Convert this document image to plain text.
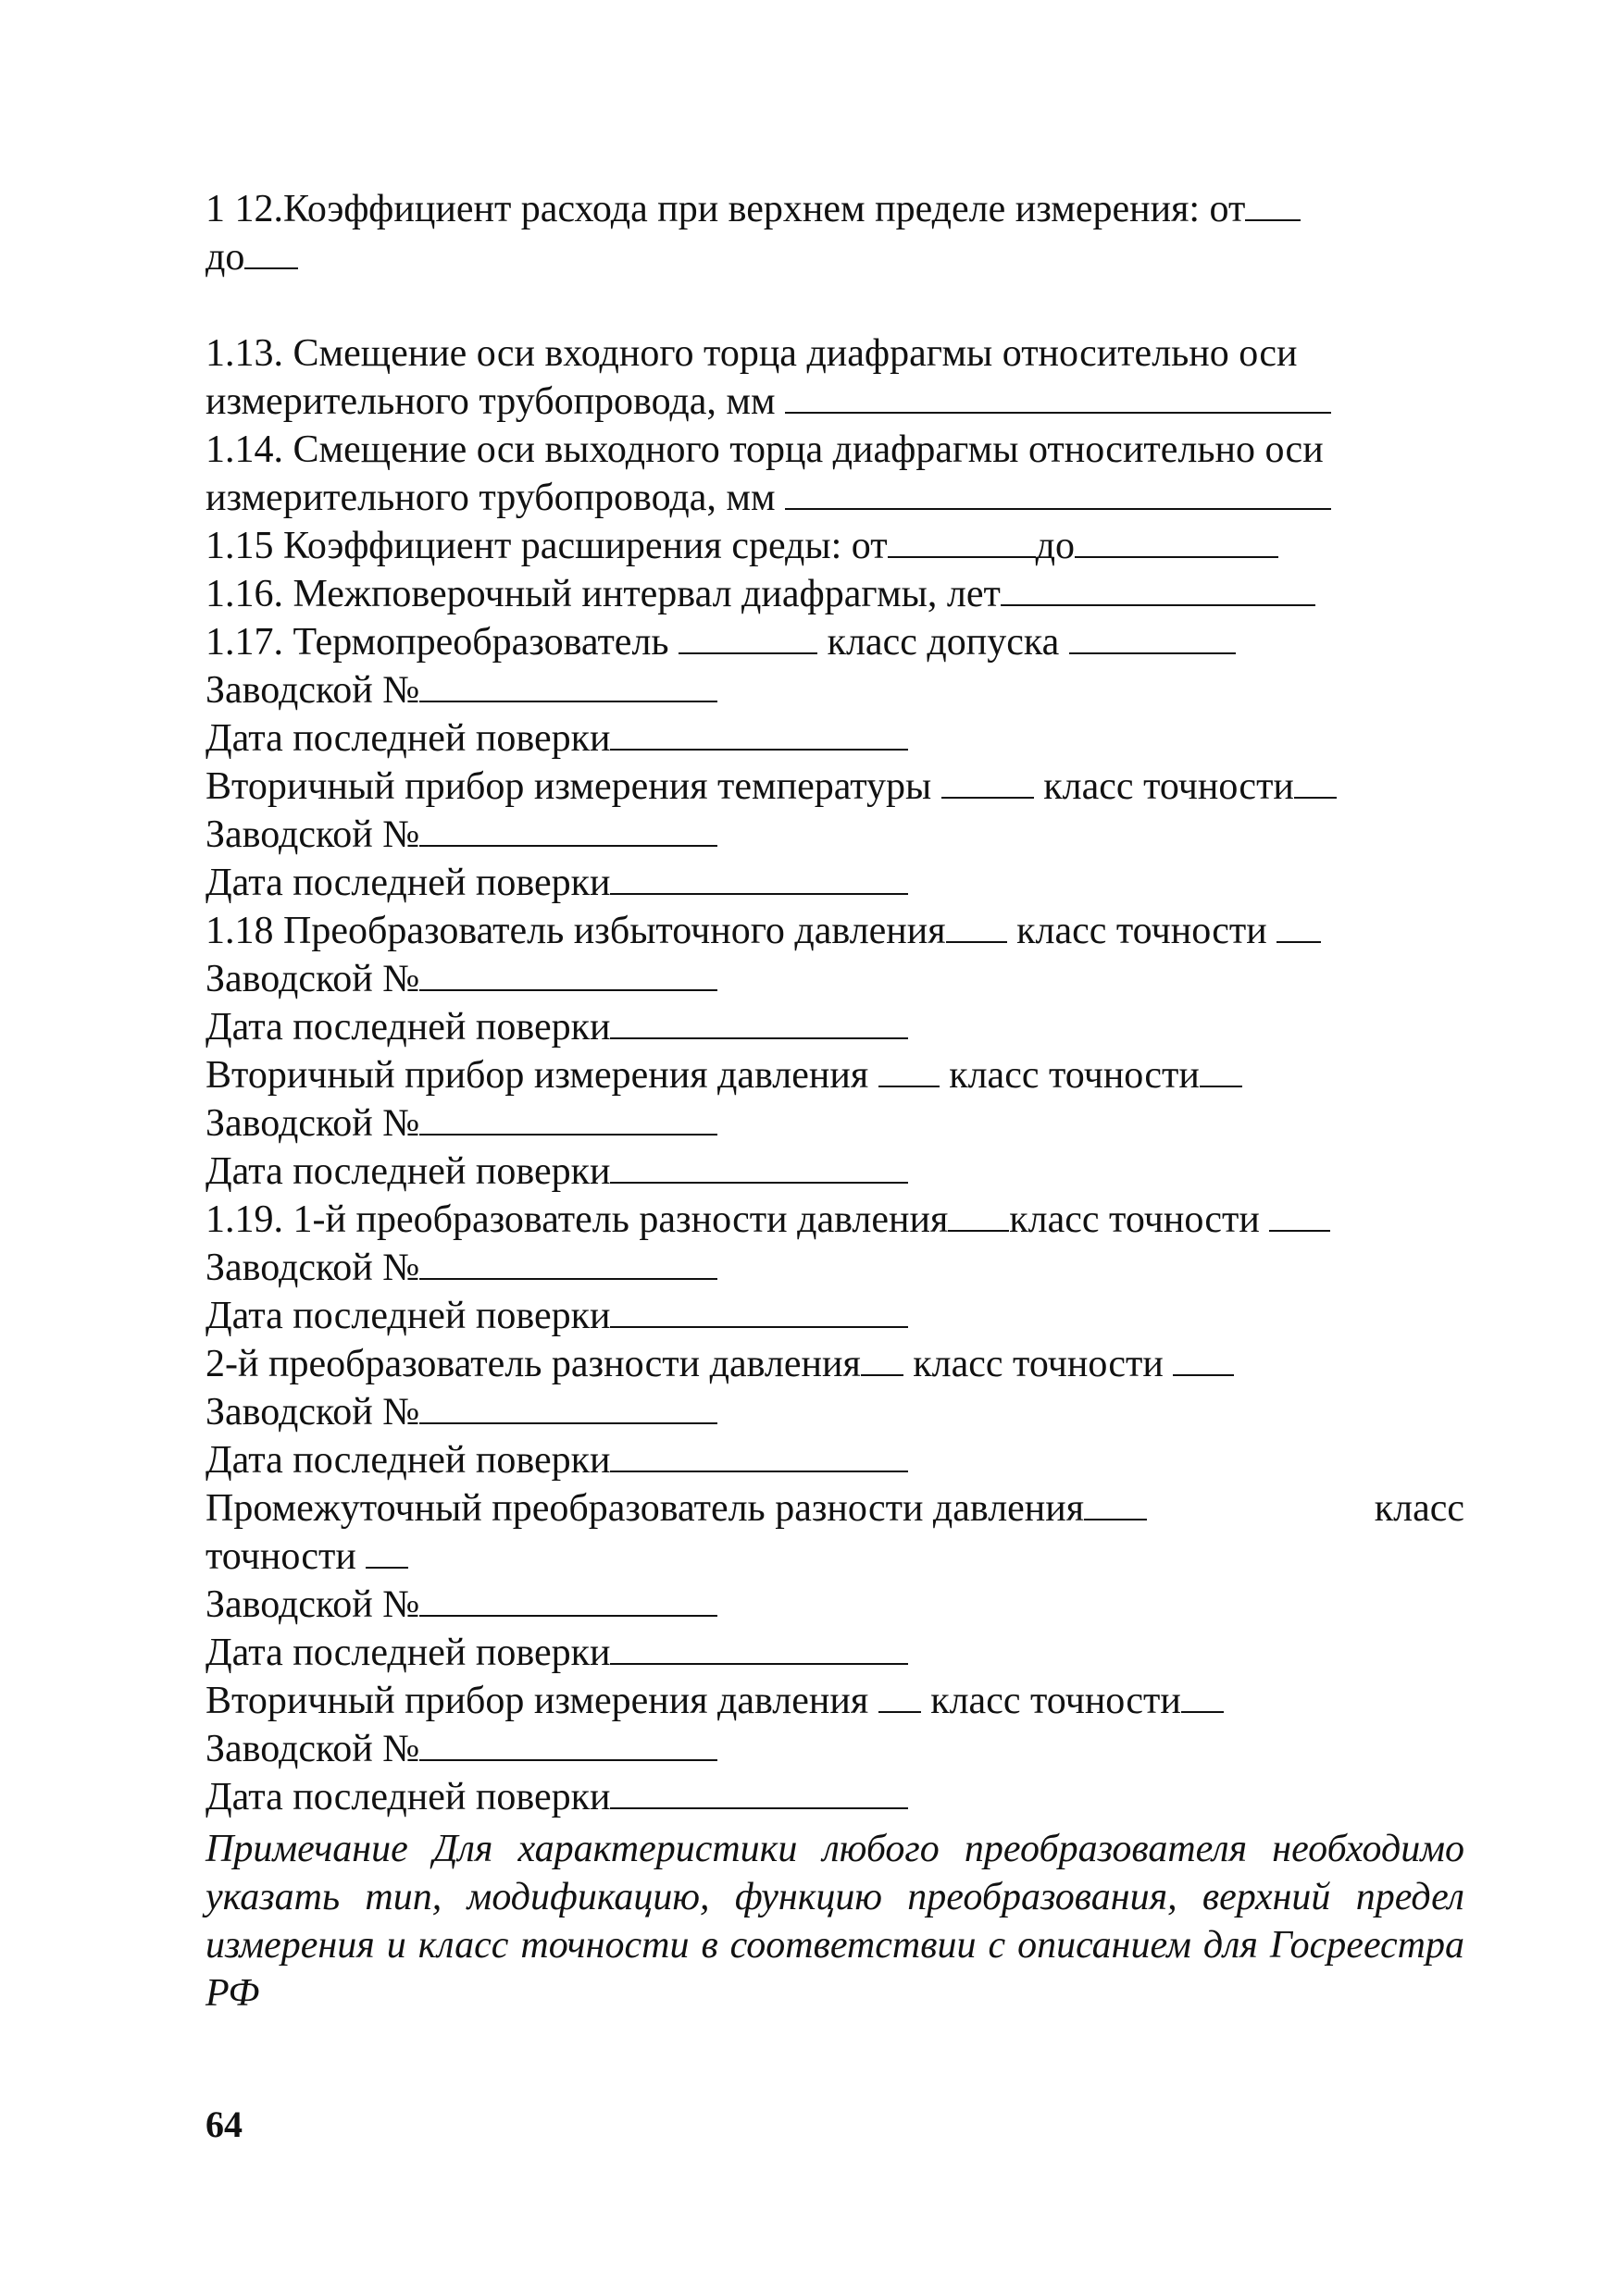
1 12.Коэффициент расхода при верхнем пределе измерения: от
до
1.13. Смещение оси входного торца диафрагмы относительно оси
измерительного трубопровода, мм
1.14. Смещение оси выходного торца диафрагмы относительно оси
измерительного трубопровода, мм
1.15 Коэффициент расширения среды: от	до
1.16. Межповерочный интервал диафрагмы, лет
1.17. Термопреобразователь	класс допуска
Заводской №
Дата последней поверки
Вторичный прибор измерения температуры	класс точности
Заводской №
Дата последней поверки
1.18 Преобразователь избыточного давления класс точности
Заводской №
Дата последней поверки
Вторичный прибор измерения давления класс точности
Заводской №
Дата последней поверки
1.19. 1-й преобразователь разности давления класс точности
Заводской №
Дата последней поверки
2-й преобразователь разности давления класс точности
Заводской №
Дата последней поверки
Промежуточный преобразователь разности давления	класс
точности
Заводской №
Дата последней поверки
Вторичный прибор измерения давления класс точности
Заводской №
Дата последней поверки
Примечание Для характеристики любого преобразователя необходимо указать тип, модификацию, функцию преобразования, верхний предел измерения и класс точности в соответствии с описанием для Госреестра РФ
64
